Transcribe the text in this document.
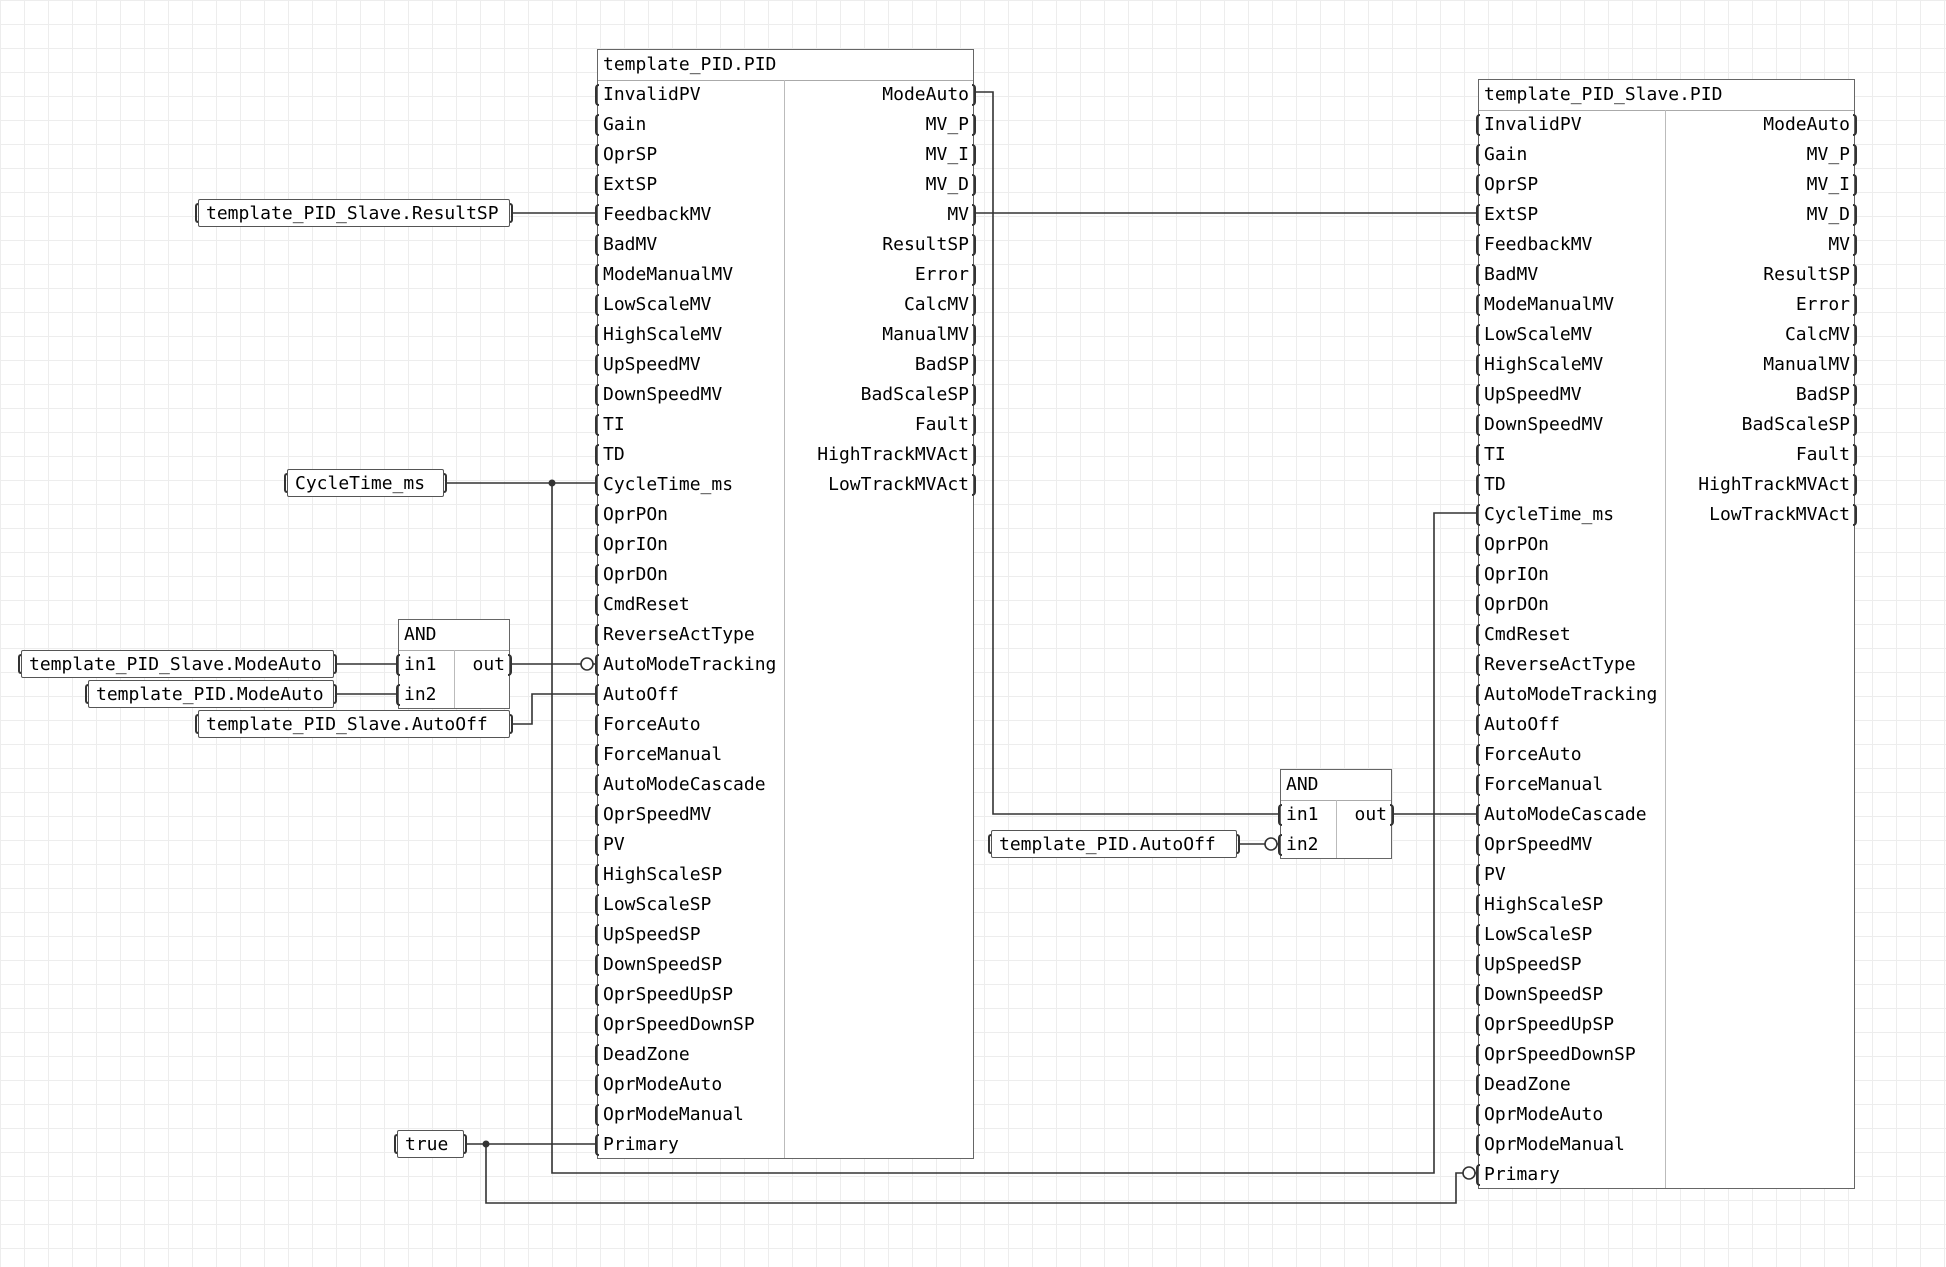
template_PID_Slave.ResultSP
CycleTime_ms
template_PID_Slave.ModeAuto
template_PID.ModeAuto
template_PID_Slave.AutoOff
template_PID.AutoOff
true
template_PID.PID
InvalidPV
Gain
OprSP
ExtSP
FeedbackMV
BadMV
ModeManualMV
LowScaleMV
HighScaleMV
UpSpeedMV
DownSpeedMV
TI
TD
CycleTime_ms
OprPOn
OprIOn
OprDOn
CmdReset
ReverseActType
AutoModeTracking
AutoOff
ForceAuto
ForceManual
AutoModeCascade
OprSpeedMV
PV
HighScaleSP
LowScaleSP
UpSpeedSP
DownSpeedSP
OprSpeedUpSP
OprSpeedDownSP
DeadZone
OprModeAuto
OprModeManual
Primary
ModeAuto
MV_P
MV_I
MV_D
MV
ResultSP
Error
CalcMV
ManualMV
BadSP
BadScaleSP
Fault
HighTrackMVAct
LowTrackMVAct
template_PID_Slave.PID
InvalidPV
Gain
OprSP
ExtSP
FeedbackMV
BadMV
ModeManualMV
LowScaleMV
HighScaleMV
UpSpeedMV
DownSpeedMV
TI
TD
CycleTime_ms
OprPOn
OprIOn
OprDOn
CmdReset
ReverseActType
AutoModeTracking
AutoOff
ForceAuto
ForceManual
AutoModeCascade
OprSpeedMV
PV
HighScaleSP
LowScaleSP
UpSpeedSP
DownSpeedSP
OprSpeedUpSP
OprSpeedDownSP
DeadZone
OprModeAuto
OprModeManual
Primary
ModeAuto
MV_P
MV_I
MV_D
MV
ResultSP
Error
CalcMV
ManualMV
BadSP
BadScaleSP
Fault
HighTrackMVAct
LowTrackMVAct
AND
in1
in2
out
AND
in1
in2
out
